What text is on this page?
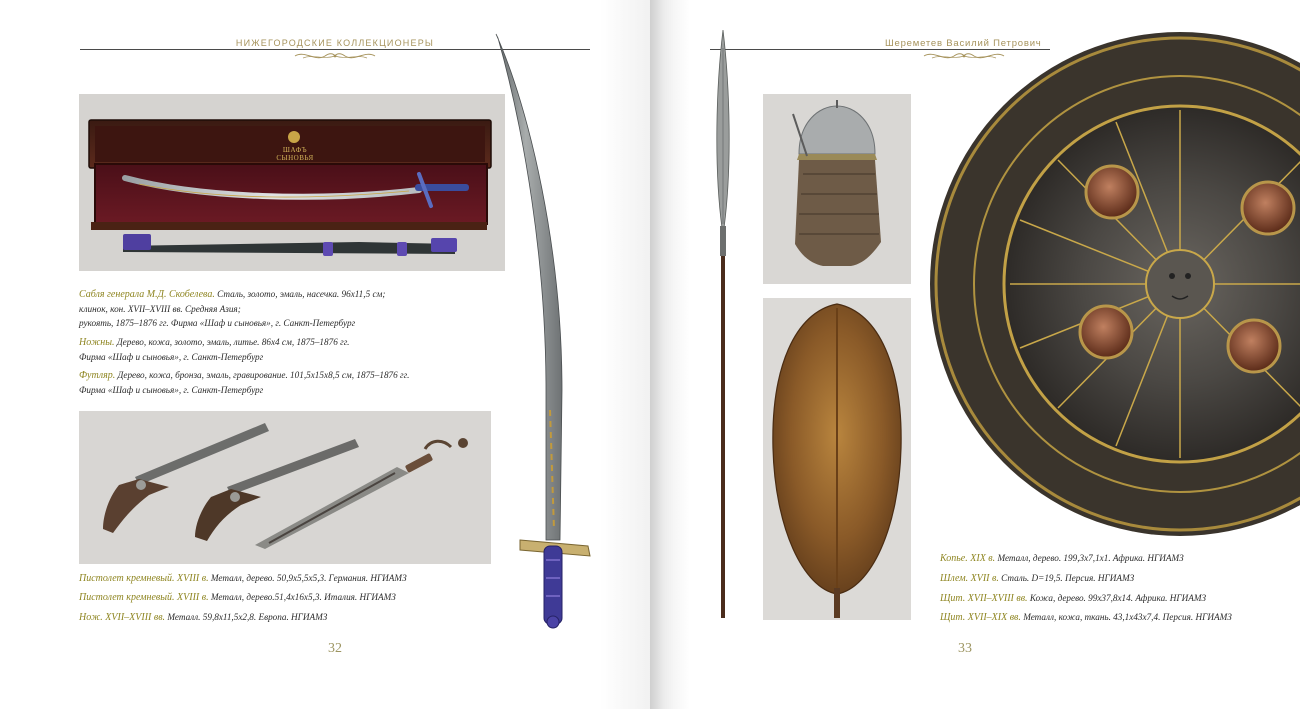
НИЖЕГОРОДСКИЕ КОЛЛЕКЦИОНЕРЫ
ШАФЪ СЫНОВЬЯ
Сабля генерала М.Д. Скобелева. Сталь, золото, эмаль, насечка. 96х11,5 см;
клинок, кон. XVII–XVIII вв. Средняя Азия;
рукоять, 1875–1876 гг. Фирма «Шаф и сыновья», г. Санкт-Петербург
Ножны. Дерево, кожа, золото, эмаль, литье. 86х4 см, 1875–1876 гг.
Фирма «Шаф и сыновья», г. Санкт-Петербург
Футляр. Дерево, кожа, бронза, эмаль, гравирование. 101,5х15х8,5 см, 1875–1876 гг.
Фирма «Шаф и сыновья», г. Санкт-Петербург
Пистолет кремневый. XVIII в. Металл, дерево. 50,9х5,5х5,3. Германия. НГИАМЗ
Пистолет кремневый. XVIII в. Металл, дерево.51,4х16х5,3. Италия. НГИАМЗ
Нож. XVII–XVIII вв. Металл. 59,8х11,5х2,8. Европа. НГИАМЗ
32
Шереметев Василий Петрович
Копье. XIX в. Металл, дерево. 199,3х7,1х1. Африка. НГИАМЗ
Шлем. XVII в. Сталь. D=19,5. Персия. НГИАМЗ
Щит. XVII–XVIII вв. Кожа, дерево. 99х37,8х14. Африка. НГИАМЗ
Щит. XVII–XIX вв. Металл, кожа, ткань. 43,1х43х7,4. Персия. НГИАМЗ
33
